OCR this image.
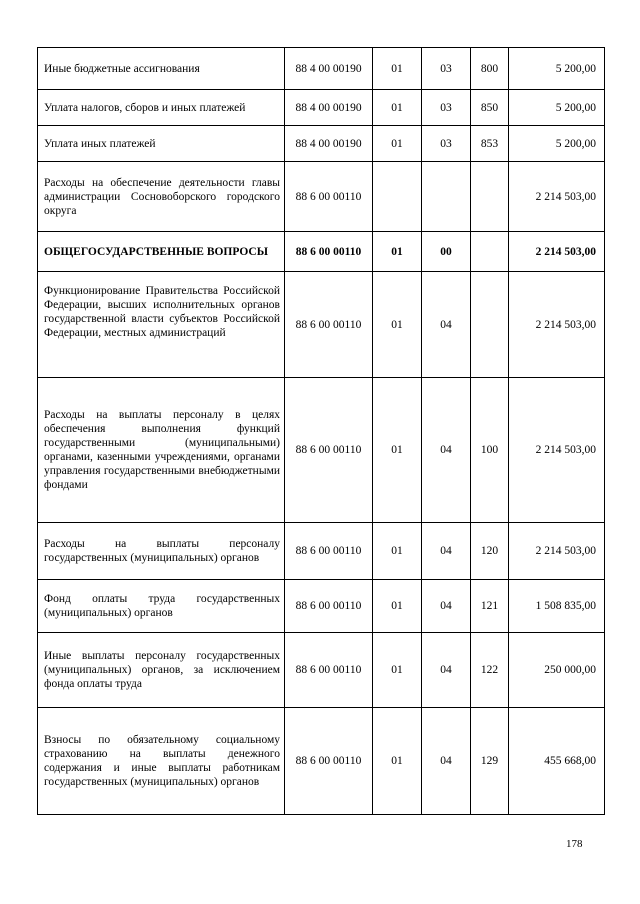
Иные бюджетные ассигнования	88 4 00 00190	01	03	800	5 200,00
Уплата налогов, сборов и иных платежей	88 4 00 00190	01	03	850	5 200,00
Уплата иных платежей	88 4 00 00190	01	03	853	5 200,00
Расходы на обеспечение деятельности главы администрации Сосновоборского городского округа	88 6 00 00110				2 214 503,00
ОБЩЕГОСУДАРСТВЕННЫЕ ВОПРОСЫ	88 6 00 00110	01	00		2 214 503,00
Функционирование Правительства Российской Федерации, высших исполнительных органов государственной власти субъектов Российской Федерации, местных администраций	88 6 00 00110	01	04		2 214 503,00
Расходы на выплаты персоналу в целях обеспечения выполнения функций государственными (муниципальными) органами, казенными учреждениями, органами управления государственными внебюджетными фондами	88 6 00 00110	01	04	100	2 214 503,00
Расходы на выплаты персоналу государственных (муниципальных) органов	88 6 00 00110	01	04	120	2 214 503,00
Фонд оплаты труда государственных (муниципальных) органов	88 6 00 00110	01	04	121	1 508 835,00
Иные выплаты персоналу государственных (муниципальных) органов, за исключением фонда оплаты труда	88 6 00 00110	01	04	122	250 000,00
Взносы по обязательному социальному страхованию на выплаты денежного содержания и иные выплаты работникам государственных (муниципальных) органов	88 6 00 00110	01	04	129	455 668,00
178
